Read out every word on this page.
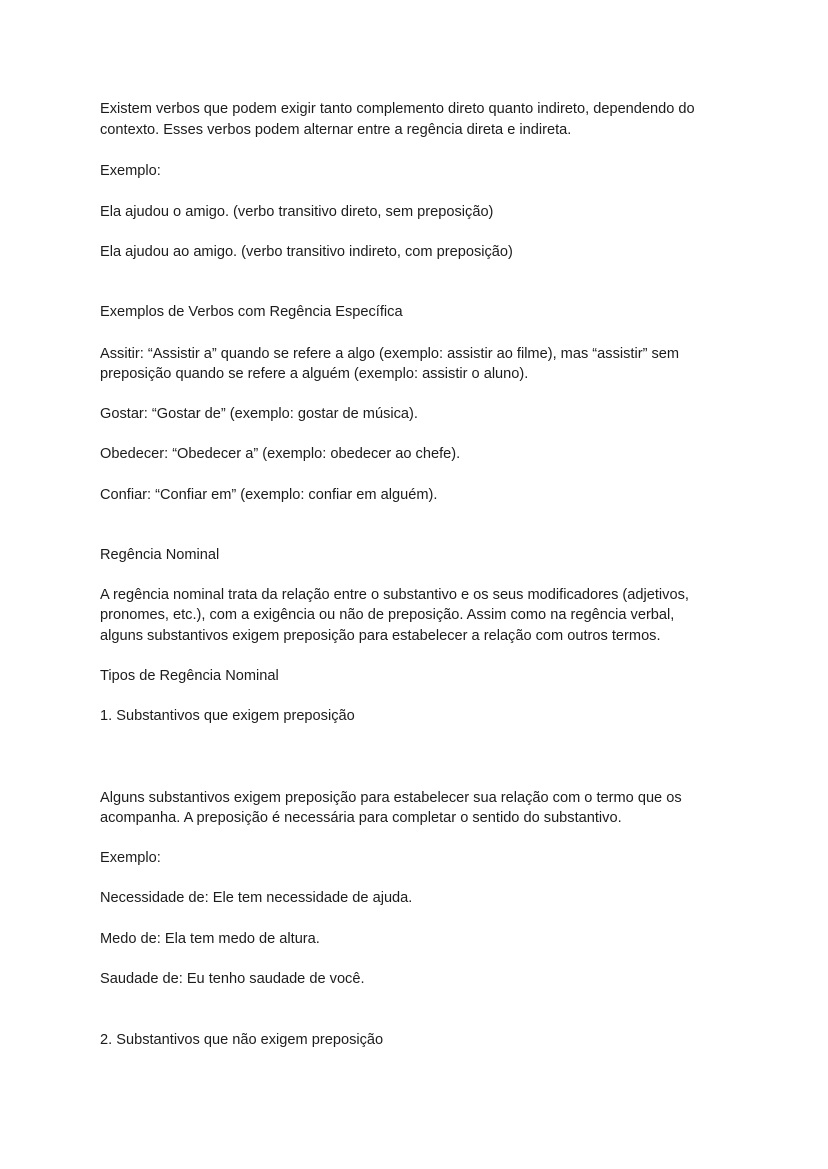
Existem verbos que podem exigir tanto complemento direto quanto indireto, dependendo do

contexto. Esses verbos podem alternar entre a regência direta e indireta.

Exemplo:

Ela ajudou o amigo. (verbo transitivo direto, sem preposição)

Ela ajudou ao amigo. (verbo transitivo indireto, com preposição)

Exemplos de Verbos com Regência Específica

Assitir: “Assistir a” quando se refere a algo (exemplo: assistir ao filme), mas “assistir” sem

preposição quando se refere a alguém (exemplo: assistir o aluno).

Gostar: “Gostar de” (exemplo: gostar de música).

Obedecer: “Obedecer a” (exemplo: obedecer ao chefe).

Confiar: “Confiar em” (exemplo: confiar em alguém).

Regência Nominal

A regência nominal trata da relação entre o substantivo e os seus modificadores (adjetivos,

pronomes, etc.), com a exigência ou não de preposição. Assim como na regência verbal,

alguns substantivos exigem preposição para estabelecer a relação com outros termos.

Tipos de Regência Nominal

1. Substantivos que exigem preposição

Alguns substantivos exigem preposição para estabelecer sua relação com o termo que os

acompanha. A preposição é necessária para completar o sentido do substantivo.

Exemplo:

Necessidade de: Ele tem necessidade de ajuda.

Medo de: Ela tem medo de altura.

Saudade de: Eu tenho saudade de você.

2. Substantivos que não exigem preposição
